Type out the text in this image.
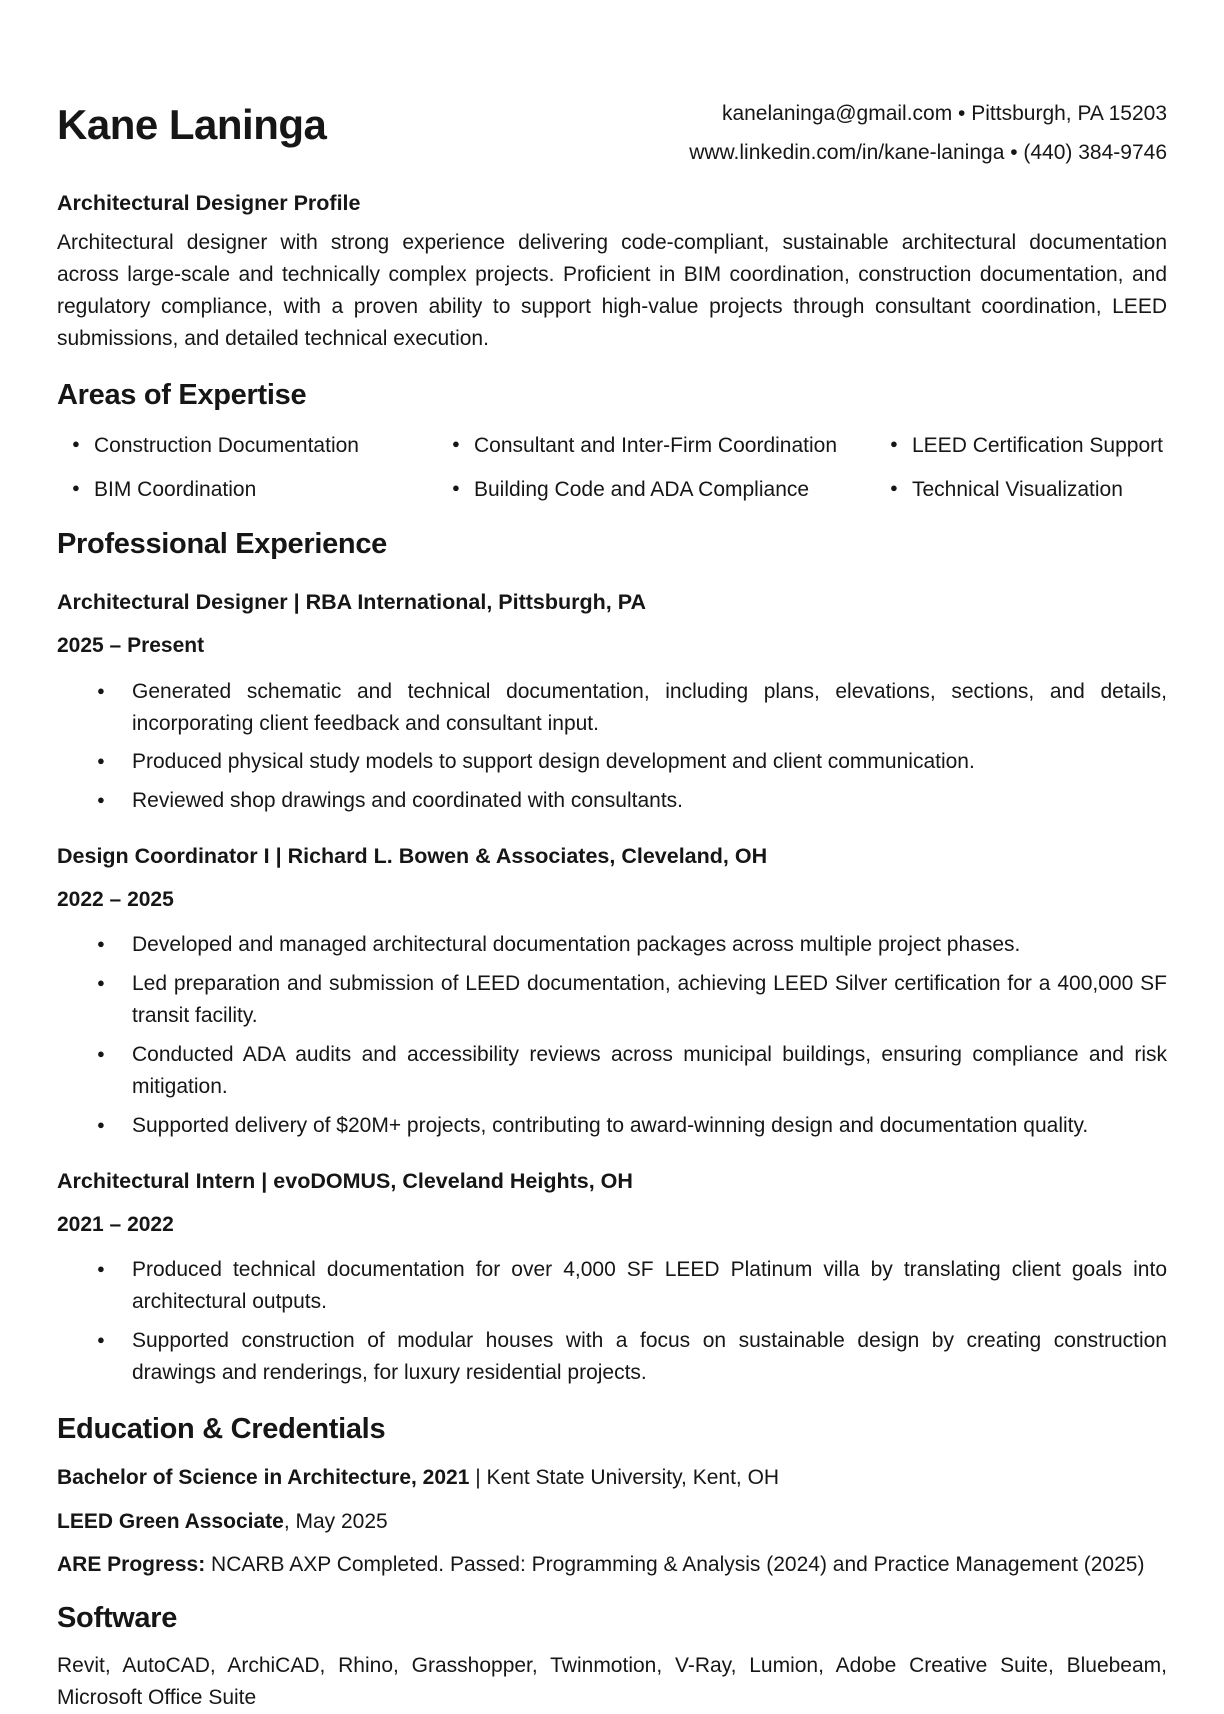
Kane Laninga	kanelaninga@gmail.com • Pittsburgh, PA 15203
www.linkedin.com/in/kane-laninga • (440) 384-9746
Architectural Designer Profile

Architectural designer with strong experience delivering code-compliant, sustainable architectural documentation across large-scale and technically complex projects. Proficient in BIM coordination, construction documentation, and regulatory compliance, with a proven ability to support high-value projects through consultant coordination, LEED submissions, and detailed technical execution.

Areas of Expertise
● Construction Documentation
● BIM Coordination
● Consultant and Inter-Firm Coordination
● Building Code and ADA Compliance
● LEED Certification Support
● Technical Visualization
Professional Experience
Architectural Designer | RBA International, Pittsburgh, PA

2025 – Present

● Generated schematic and technical documentation, including plans, elevations, sections, and details, incorporating client feedback and consultant input.
● Produced physical study models to support design development and client communication.
● Reviewed shop drawings and coordinated with consultants.
Design Coordinator I | Richard L. Bowen & Associates, Cleveland, OH

2022 – 2025

● Developed and managed architectural documentation packages across multiple project phases.
● Led preparation and submission of LEED documentation, achieving LEED Silver certification for a 400,000 SF transit facility.
● Conducted ADA audits and accessibility reviews across municipal buildings, ensuring compliance and risk mitigation.
● Supported delivery of $20M+ projects, contributing to award-winning design and documentation quality.
Architectural Intern | evoDOMUS, Cleveland Heights, OH

2021 – 2022

● Produced technical documentation for over 4,000 SF LEED Platinum villa by translating client goals into architectural outputs.
● Supported construction of modular houses with a focus on sustainable design by creating construction drawings and renderings, for luxury residential projects.
Education & Credentials

Bachelor of Science in Architecture, 2021 | Kent State University, Kent, OH

LEED Green Associate, May 2025

ARE Progress: NCARB AXP Completed. Passed: Programming & Analysis (2024) and Practice Management (2025)

Software

Revit, AutoCAD, ArchiCAD, Rhino, Grasshopper, Twinmotion, V-Ray, Lumion, Adobe Creative Suite, Bluebeam, Microsoft Office Suite
